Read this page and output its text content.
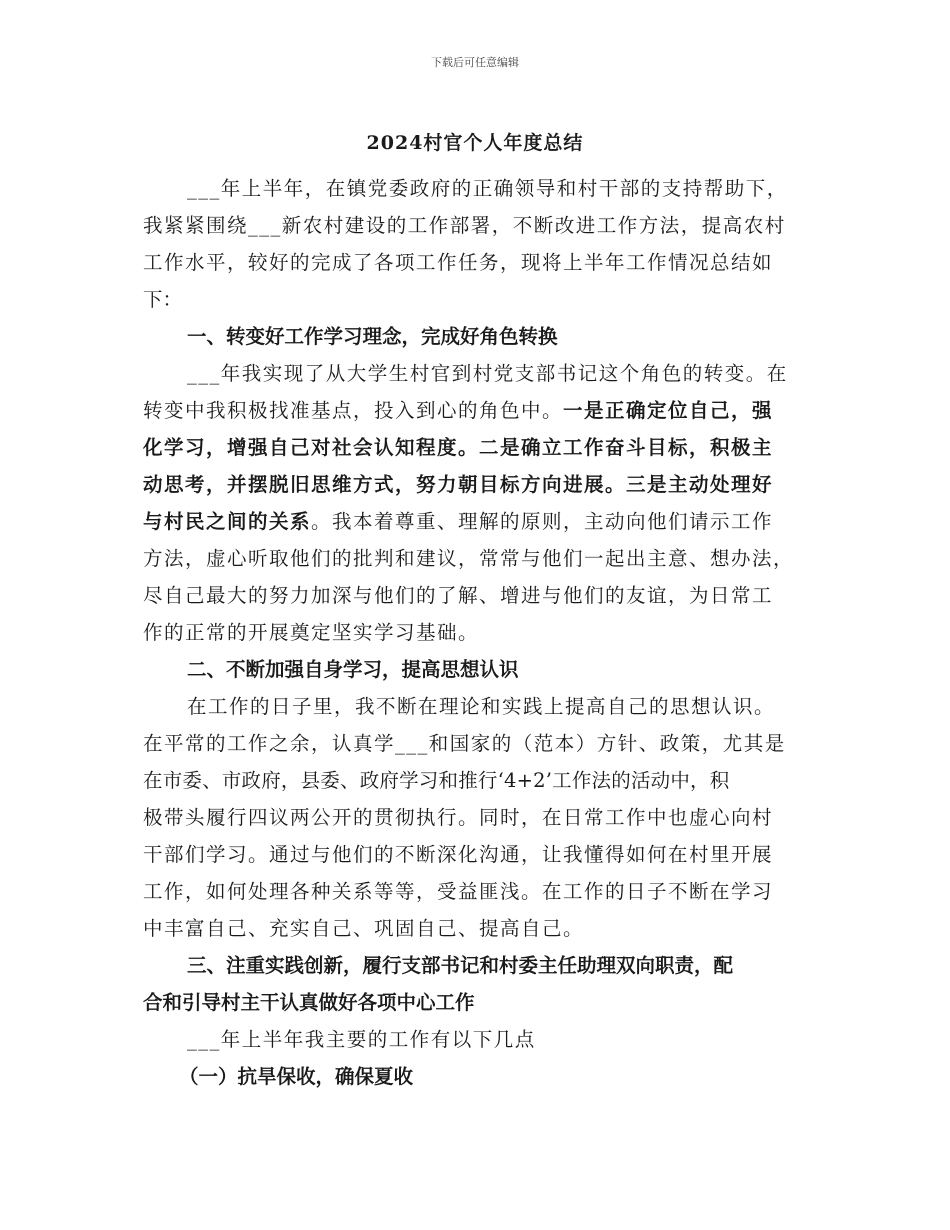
下载后可任意编辑
2024村官个人年度总结
___年上半年，在镇党委政府的正确领导和村干部的支持帮助下，
我紧紧围绕___新农村建设的工作部署，不断改进工作方法，提高农村
工作水平，较好的完成了各项工作任务，现将上半年工作情况总结如
下：
一、转变好工作学习理念，完成好角色转换
___年我实现了从大学生村官到村党支部书记这个角色的转变。在
转变中我积极找准基点，投入到心的角色中。一是正确定位自己，强
化学习，增强自己对社会认知程度。二是确立工作奋斗目标，积极主
动思考，并摆脱旧思维方式，努力朝目标方向进展。三是主动处理好
与村民之间的关系。我本着尊重、理解的原则，主动向他们请示工作
方法，虚心听取他们的批判和建议，常常与他们一起出主意、想办法，
尽自己最大的努力加深与他们的了解、增进与他们的友谊，为日常工
作的正常的开展奠定坚实学习基础。
二、不断加强自身学习，提高思想认识
在工作的日子里，我不断在理论和实践上提高自己的思想认识。
在平常的工作之余，认真学___和国家的（范本）方针、政策，尤其是
在市委、市政府，县委、政府学习和推行‘4+2’工作法的活动中，积
极带头履行四议两公开的贯彻执行。同时，在日常工作中也虚心向村
干部们学习。通过与他们的不断深化沟通，让我懂得如何在村里开展
工作，如何处理各种关系等等，受益匪浅。在工作的日子不断在学习
中丰富自己、充实自己、巩固自己、提高自己。
三、注重实践创新，履行支部书记和村委主任助理双向职责，配
合和引导村主干认真做好各项中心工作
___年上半年我主要的工作有以下几点
（一）抗旱保收，确保夏收
